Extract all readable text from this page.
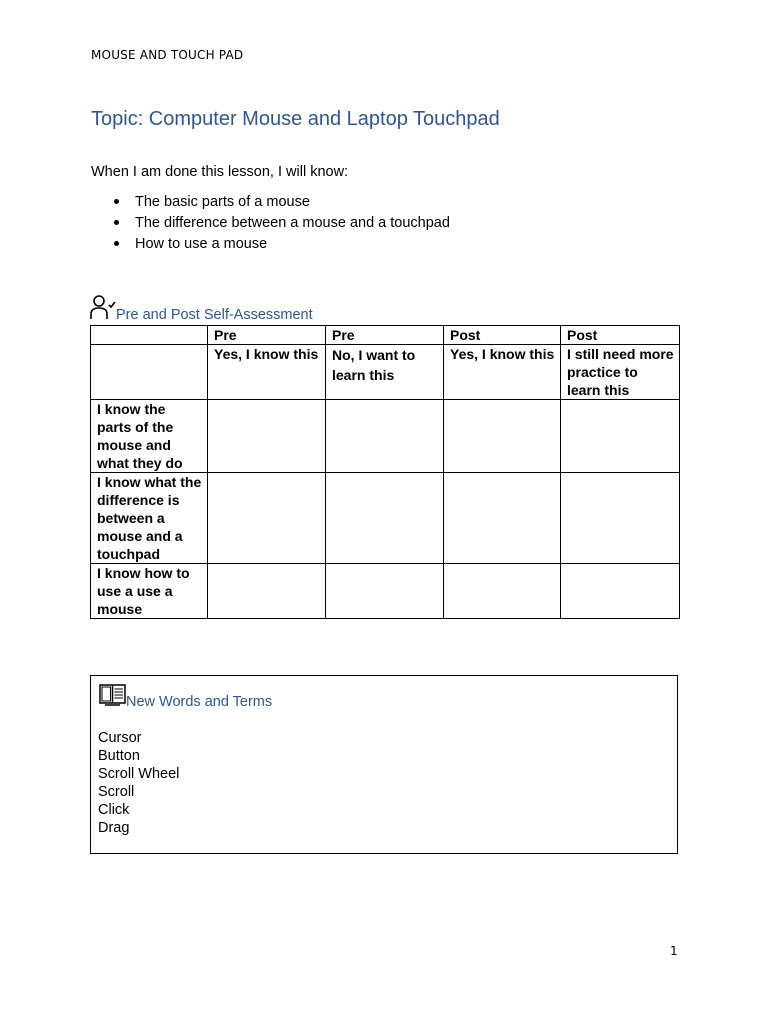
MOUSE AND TOUCH PAD
Topic: Computer Mouse and Laptop Touchpad
When I am done this lesson, I will know:
The basic parts of a mouse
The difference between a mouse and a touchpad
How to use a mouse
Pre and Post Self-Assessment
	Pre	Pre	Post	Post
	Yes, I know this	No, I want to learn this	Yes, I know this	I still need more practice to learn this
I know the parts of the mouse and what they do				
I know what the difference is between a mouse and a touchpad				
I know how to use a use a mouse				
New Words and Terms
Cursor
Button
Scroll Wheel
Scroll
Click
Drag
1
